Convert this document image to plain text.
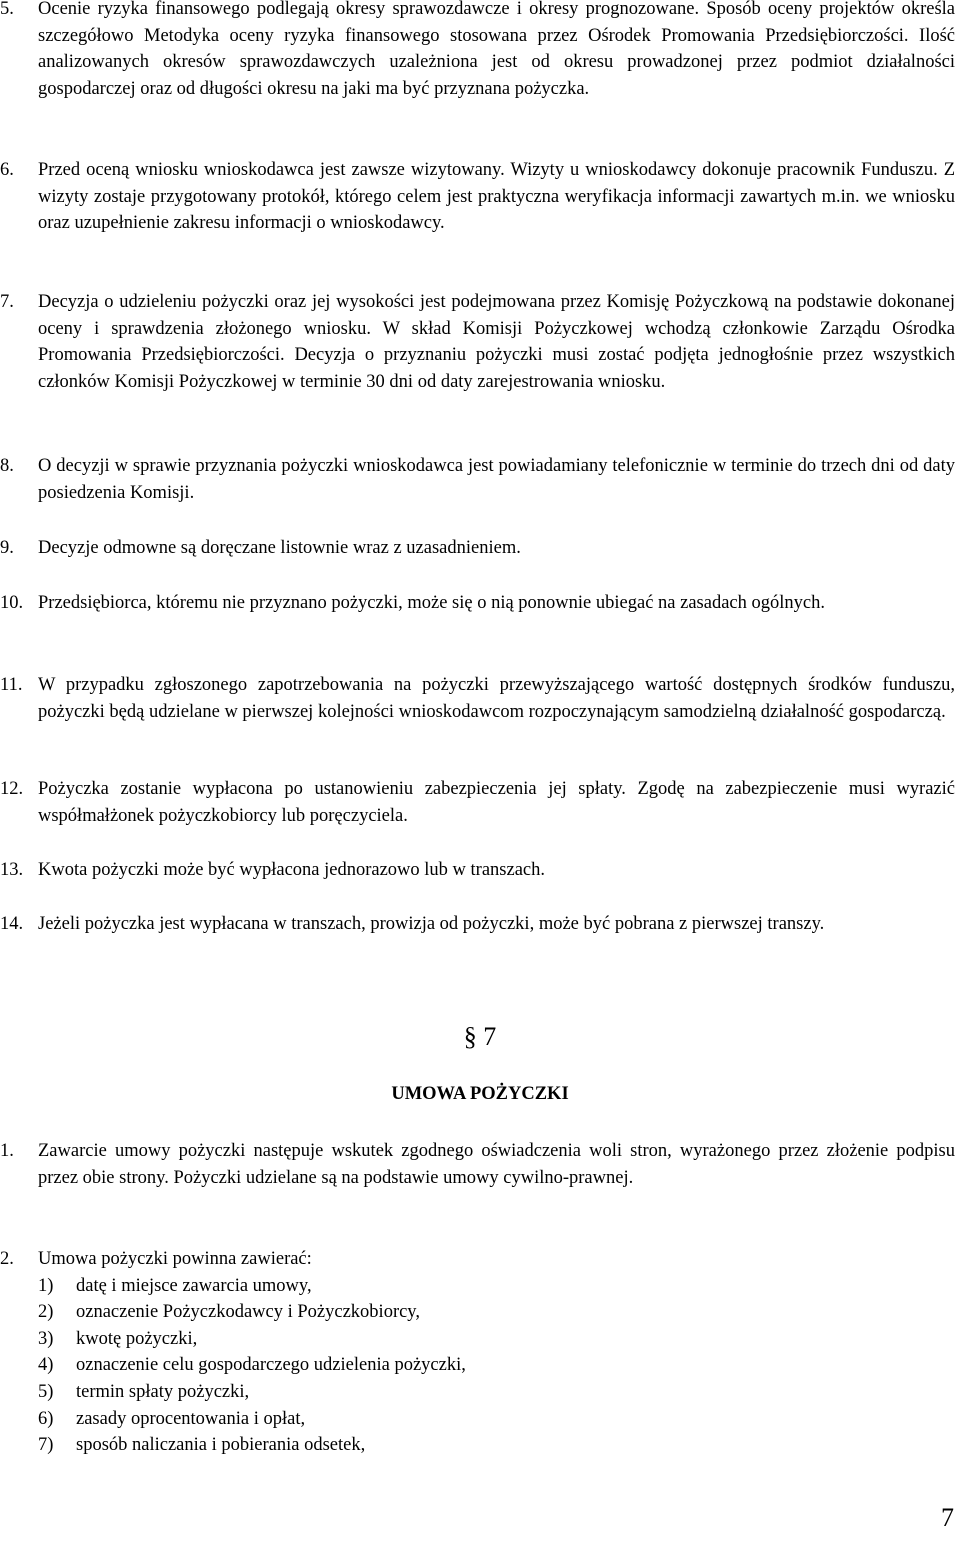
5.	Ocenie ryzyka finansowego podlegają okresy sprawozdawcze i okresy prognozowane. Sposób oceny projektów określa szczegółowo Metodyka oceny ryzyka finansowego stosowana przez Ośrodek Promowania Przedsiębiorczości. Ilość analizowanych okresów sprawozdawczych uzależniona jest od okresu prowadzonej przez podmiot działalności gospodarczej oraz od długości okresu na jaki ma być przyznana pożyczka.
6.	Przed oceną wniosku wnioskodawca jest zawsze wizytowany. Wizyty u wnioskodawcy dokonuje pracownik Funduszu. Z wizyty zostaje przygotowany protokół, którego celem jest praktyczna weryfikacja informacji zawartych m.in. we wniosku oraz uzupełnienie zakresu informacji o wnioskodawcy.
7.	Decyzja o udzieleniu pożyczki oraz jej wysokości jest podejmowana przez Komisję Pożyczkową na podstawie dokonanej oceny i sprawdzenia złożonego wniosku. W skład Komisji Pożyczkowej wchodzą członkowie Zarządu Ośrodka Promowania Przedsiębiorczości. Decyzja o przyznaniu pożyczki musi zostać podjęta jednogłośnie przez wszystkich członków Komisji Pożyczkowej w terminie 30 dni od daty zarejestrowania wniosku.
8.	O decyzji w sprawie przyznania pożyczki wnioskodawca jest powiadamiany telefonicznie w terminie do trzech dni od daty posiedzenia Komisji.
9.	Decyzje odmowne są doręczane listownie wraz z uzasadnieniem.
10. Przedsiębiorca, któremu nie przyznano pożyczki, może się o nią ponownie ubiegać na zasadach ogólnych.
11. W przypadku zgłoszonego zapotrzebowania na pożyczki przewyższającego wartość dostępnych środków funduszu, pożyczki będą udzielane w pierwszej kolejności wnioskodawcom rozpoczynającym samodzielną działalność gospodarczą.
12. Pożyczka zostanie wypłacona po ustanowieniu zabezpieczenia jej spłaty. Zgodę na zabezpieczenie musi wyrazić współmałżonek pożyczkobiorcy lub poręczyciela.
13. Kwota pożyczki może być wypłacona jednorazowo lub w transzach.
14. Jeżeli pożyczka jest wypłacana w transzach, prowizja od pożyczki, może być pobrana z pierwszej transzy.
§ 7
UMOWA POŻYCZKI
1.	Zawarcie umowy pożyczki następuje wskutek zgodnego oświadczenia woli stron, wyrażonego przez złożenie podpisu przez obie strony. Pożyczki udzielane są na podstawie umowy cywilno-prawnej.
2.	Umowa pożyczki powinna zawierać:
1)	datę i miejsce zawarcia umowy,
2)	oznaczenie Pożyczkodawcy i Pożyczkobiorcy,
3)	kwotę pożyczki,
4)	oznaczenie celu gospodarczego udzielenia pożyczki,
5)	termin spłaty pożyczki,
6)	zasady oprocentowania i opłat,
7)	sposób naliczania i pobierania odsetek,
7
